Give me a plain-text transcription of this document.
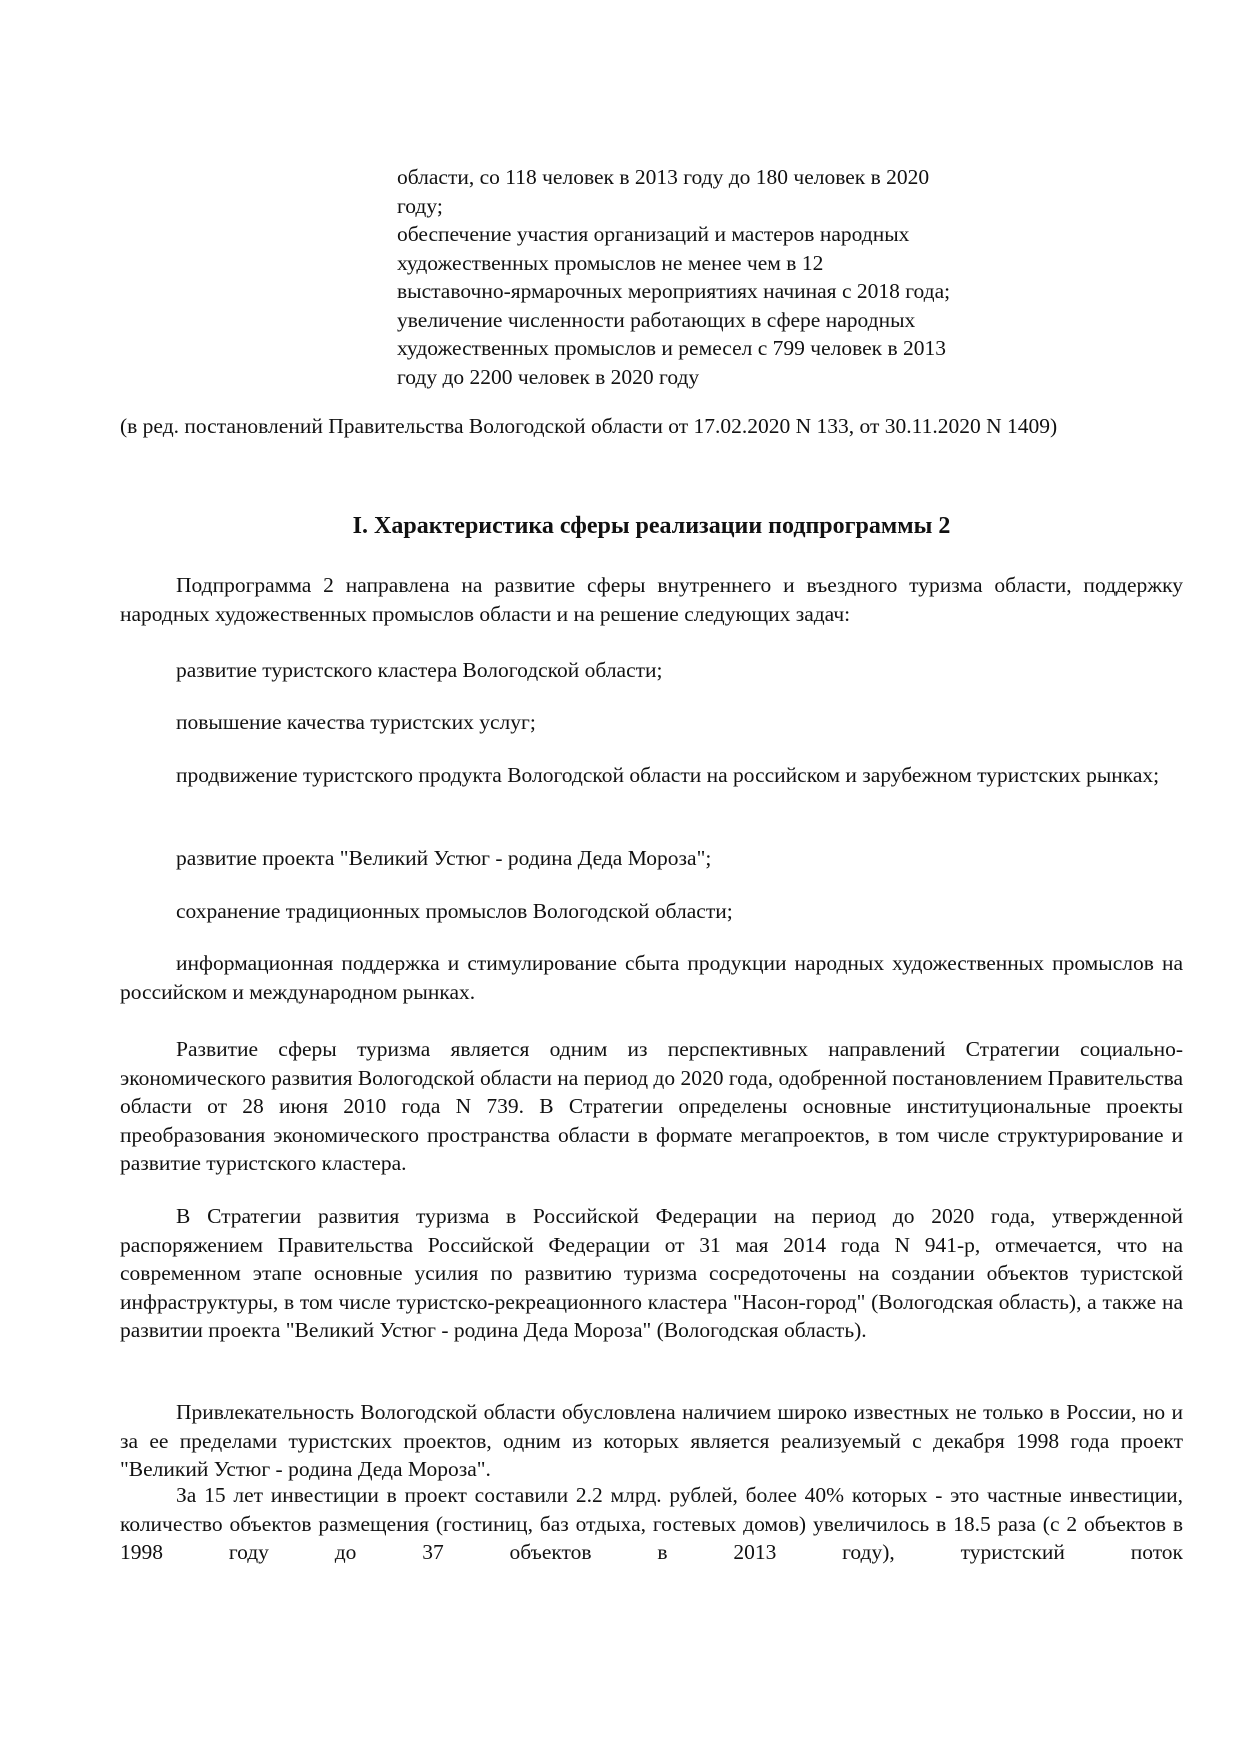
области, со 118 человек в 2013 году до 180 человек в 2020
году;
обеспечение участия организаций и мастеров народных
художественных промыслов не менее чем в 12
выставочно-ярмарочных мероприятиях начиная с 2018 года;
увеличение численности работающих в сфере народных
художественных промыслов и ремесел с 799 человек в 2013
году до 2200 человек в 2020 году
(в ред. постановлений Правительства Вологодской области от 17.02.2020 N 133, от 30.11.2020 N 1409)
I. Характеристика сферы реализации подпрограммы 2
Подпрограмма 2 направлена на развитие сферы внутреннего и въездного туризма области, поддержку народных художественных промыслов области и на решение следующих задач:
развитие туристского кластера Вологодской области;
повышение качества туристских услуг;
продвижение туристского продукта Вологодской области на российском и зарубежном туристских рынках;
развитие проекта "Великий Устюг - родина Деда Мороза";
сохранение традиционных промыслов Вологодской области;
информационная поддержка и стимулирование сбыта продукции народных художественных промыслов на российском и международном рынках.
Развитие сферы туризма является одним из перспективных направлений Стратегии социально-экономического развития Вологодской области на период до 2020 года, одобренной постановлением Правительства области от 28 июня 2010 года N 739. В Стратегии определены основные институциональные проекты преобразования экономического пространства области в формате мегапроектов, в том числе структурирование и развитие туристского кластера.
В Стратегии развития туризма в Российской Федерации на период до 2020 года, утвержденной распоряжением Правительства Российской Федерации от 31 мая 2014 года N 941-р, отмечается, что на современном этапе основные усилия по развитию туризма сосредоточены на создании объектов туристской инфраструктуры, в том числе туристско-рекреационного кластера "Насон-город" (Вологодская область), а также на развитии проекта "Великий Устюг - родина Деда Мороза" (Вологодская область).
Привлекательность Вологодской области обусловлена наличием широко известных не только в России, но и за ее пределами туристских проектов, одним из которых является реализуемый с декабря 1998 года проект "Великий Устюг - родина Деда Мороза".
За 15 лет инвестиции в проект составили 2.2 млрд. рублей, более 40% которых - это частные инвестиции, количество объектов размещения (гостиниц, баз отдыха, гостевых домов) увеличилось в 18.5 раза (с 2 объектов в 1998 году до 37 объектов в 2013 году), туристский поток
